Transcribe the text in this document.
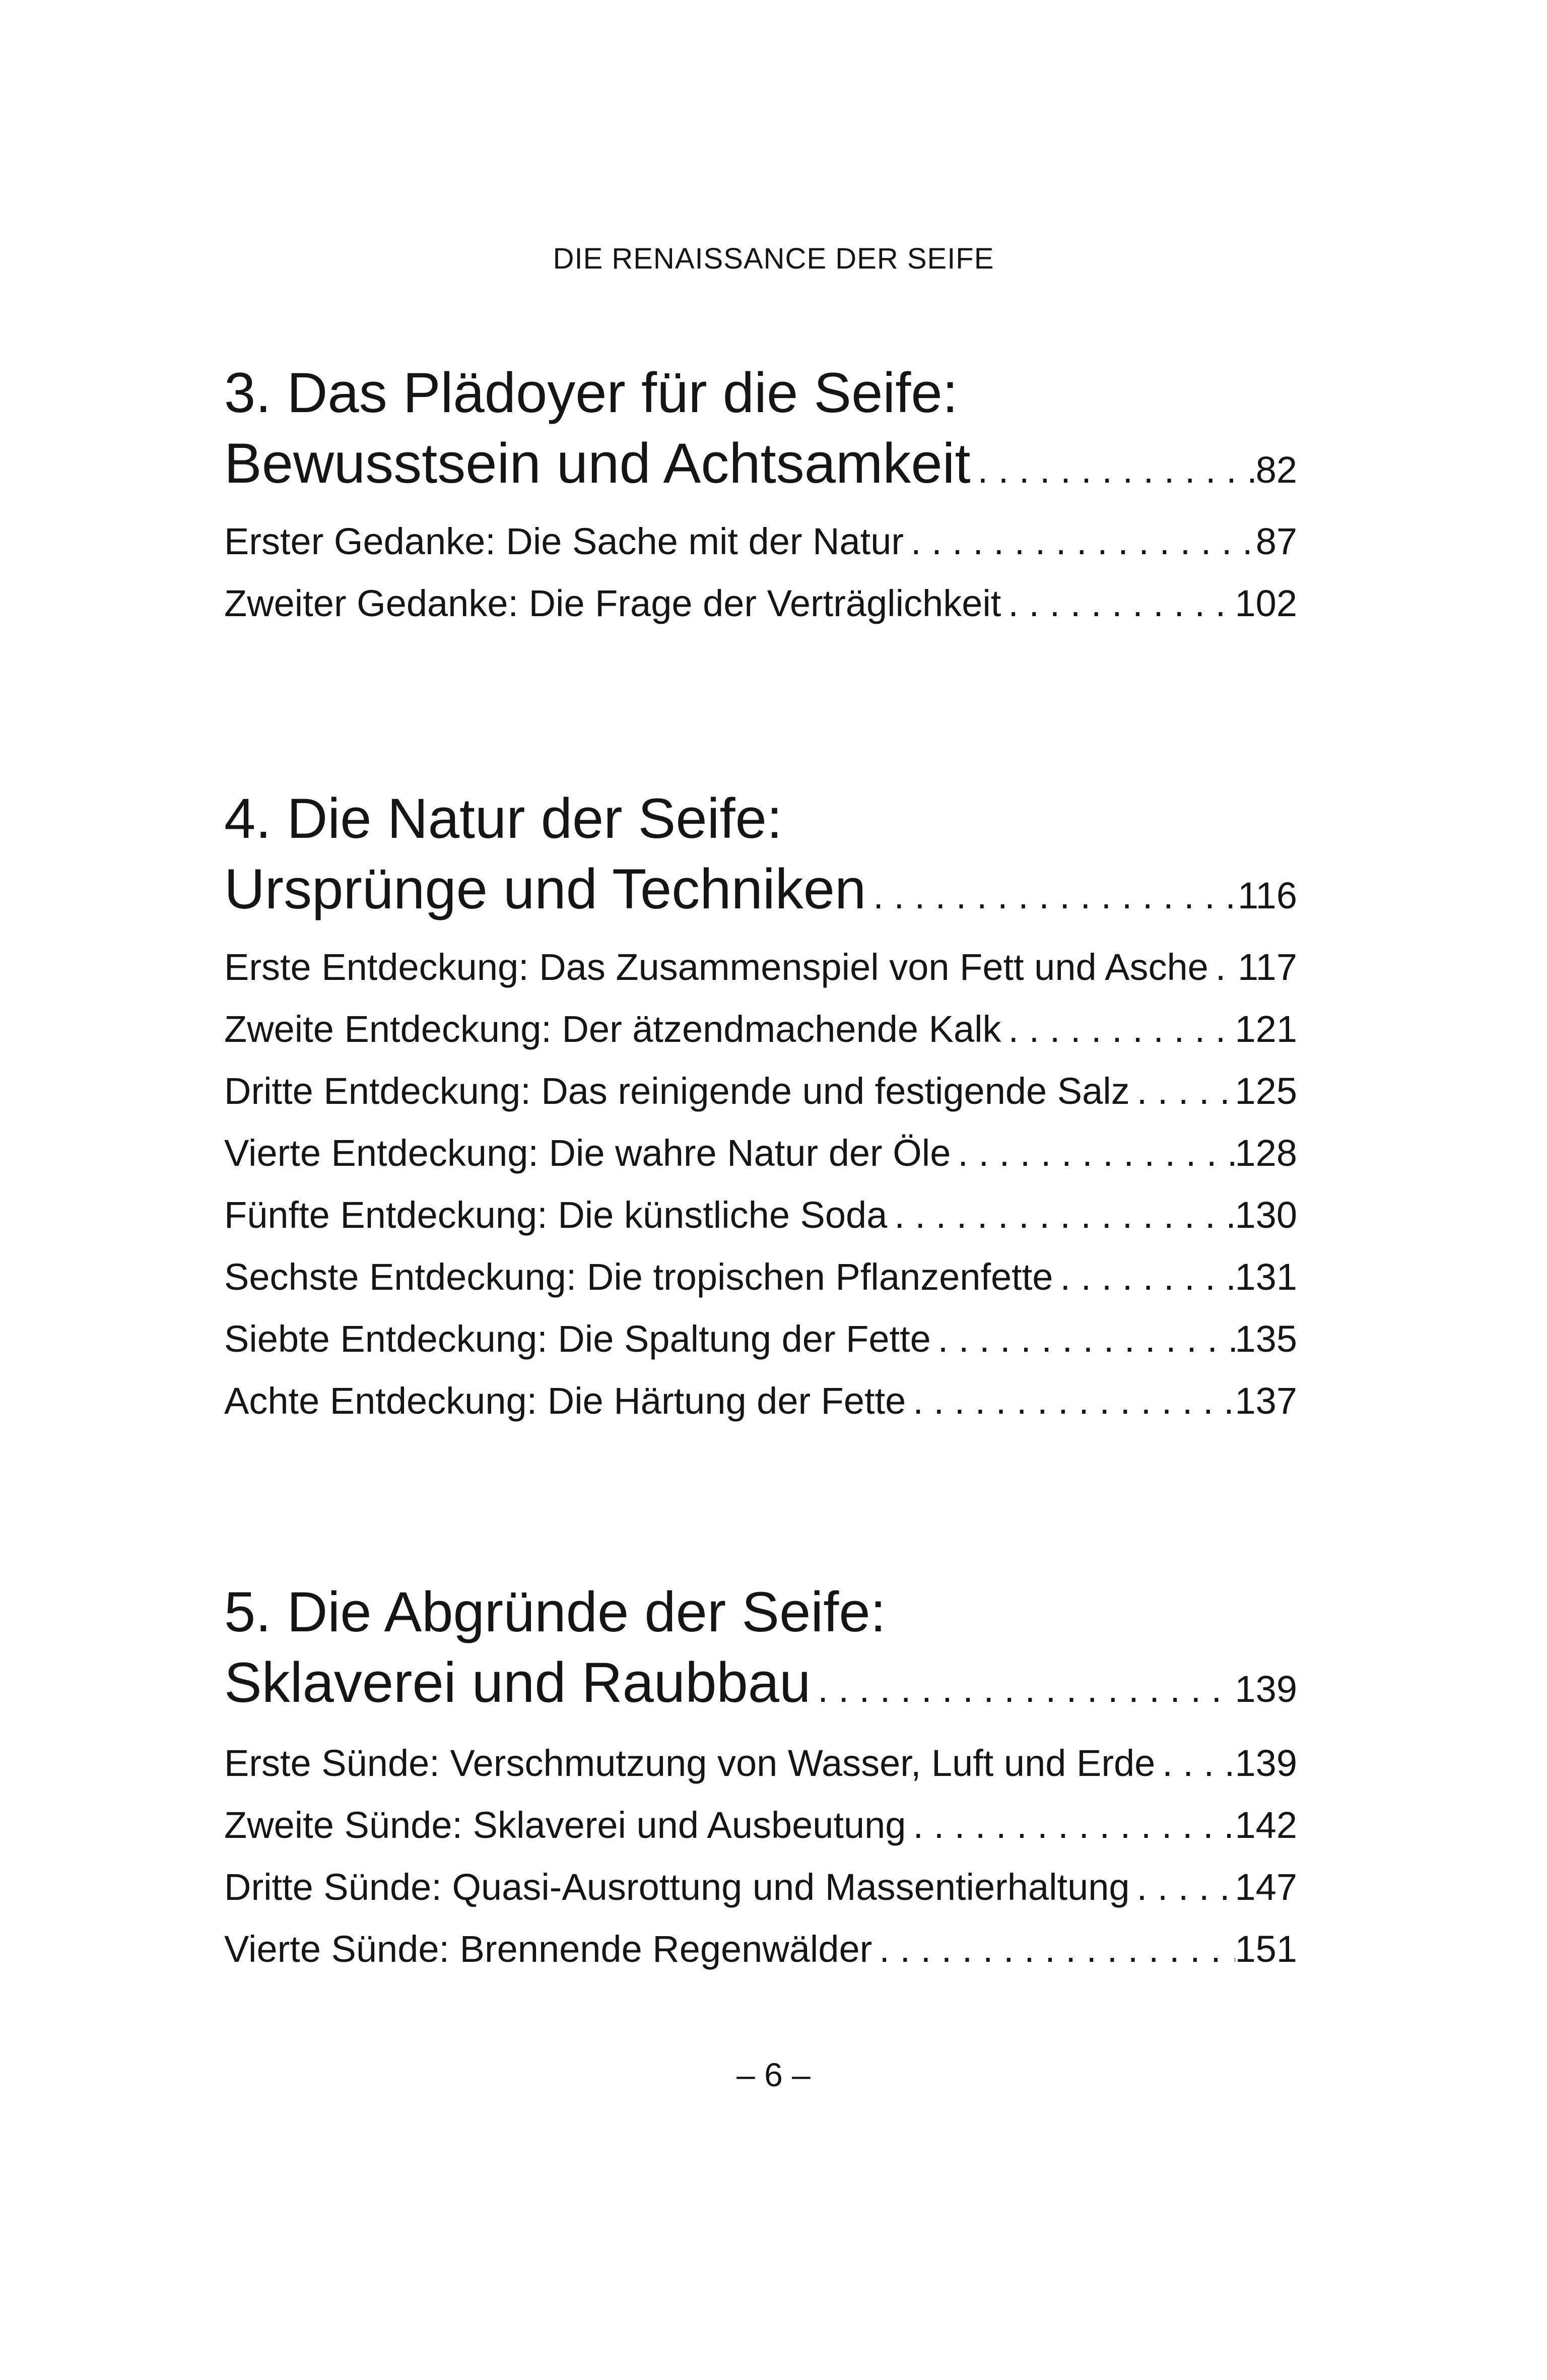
DIE RENAISSANCE DER SEIFE
3. Das Plädoyer für die Seife:
Bewusstsein und Achtsamkeit . . .	82
Erster Gedanke: Die Sache mit der Natur . . .	87
Zweiter Gedanke: Die Frage der Verträglichkeit . . .	102
4. Die Natur der Seife:
Ursprünge und Techniken . . .	116
Erste Entdeckung: Das Zusammenspiel von Fett und Asche . . . 117
Zweite Entdeckung: Der ätzendmachende Kalk . . .	121
Dritte Entdeckung: Das reinigende und festigende Salz . . .	125
Vierte Entdeckung: Die wahre Natur der Öle . . .	128
Fünfte Entdeckung: Die künstliche Soda . . .	130
Sechste Entdeckung: Die tropischen Pflanzenfette . . .	131
Siebte Entdeckung: Die Spaltung der Fette . . .	135
Achte Entdeckung: Die Härtung der Fette . . .	137
5. Die Abgründe der Seife:
Sklaverei und Raubbau . . .	139
Erste Sünde: Verschmutzung von Wasser, Luft und Erde . . . 139
Zweite Sünde: Sklaverei und Ausbeutung . . .	142
Dritte Sünde: Quasi-Ausrottung und Massentierhaltung . . .	147
Vierte Sünde: Brennende Regenwälder . . .	151
– 6 –
